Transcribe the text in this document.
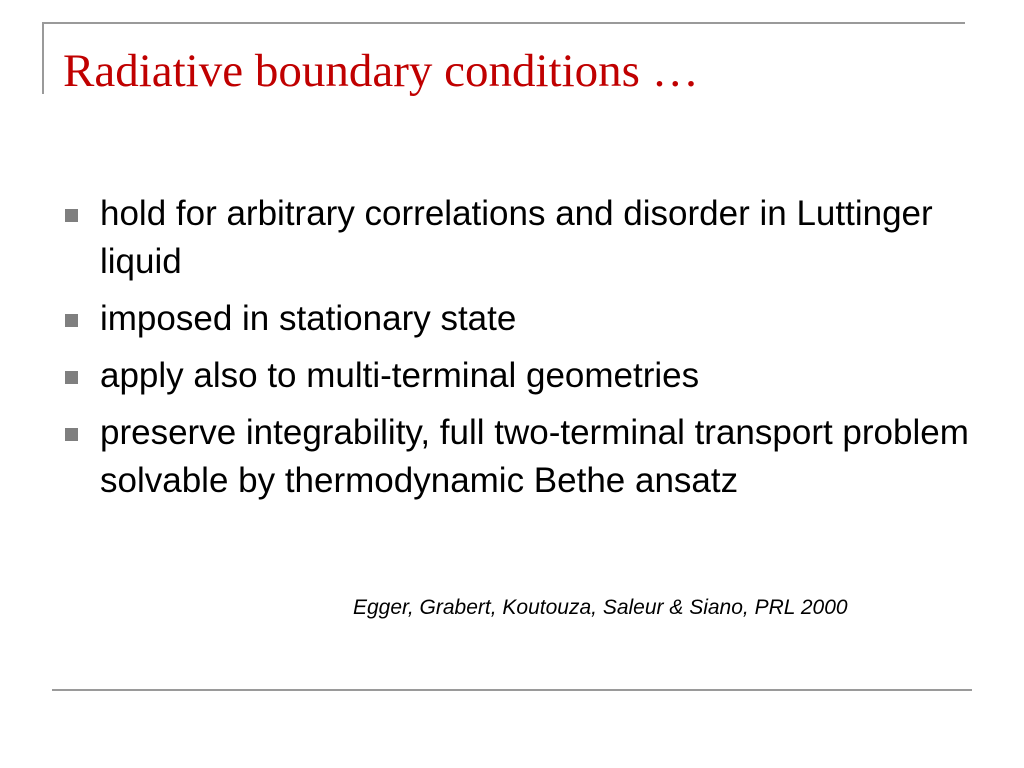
Radiative boundary conditions …
hold for arbitrary correlations and disorder in Luttinger liquid
imposed in stationary state
apply also to multi-terminal geometries
preserve integrability, full two-terminal transport problem solvable by thermodynamic Bethe ansatz
Egger, Grabert, Koutouza, Saleur & Siano, PRL 2000
